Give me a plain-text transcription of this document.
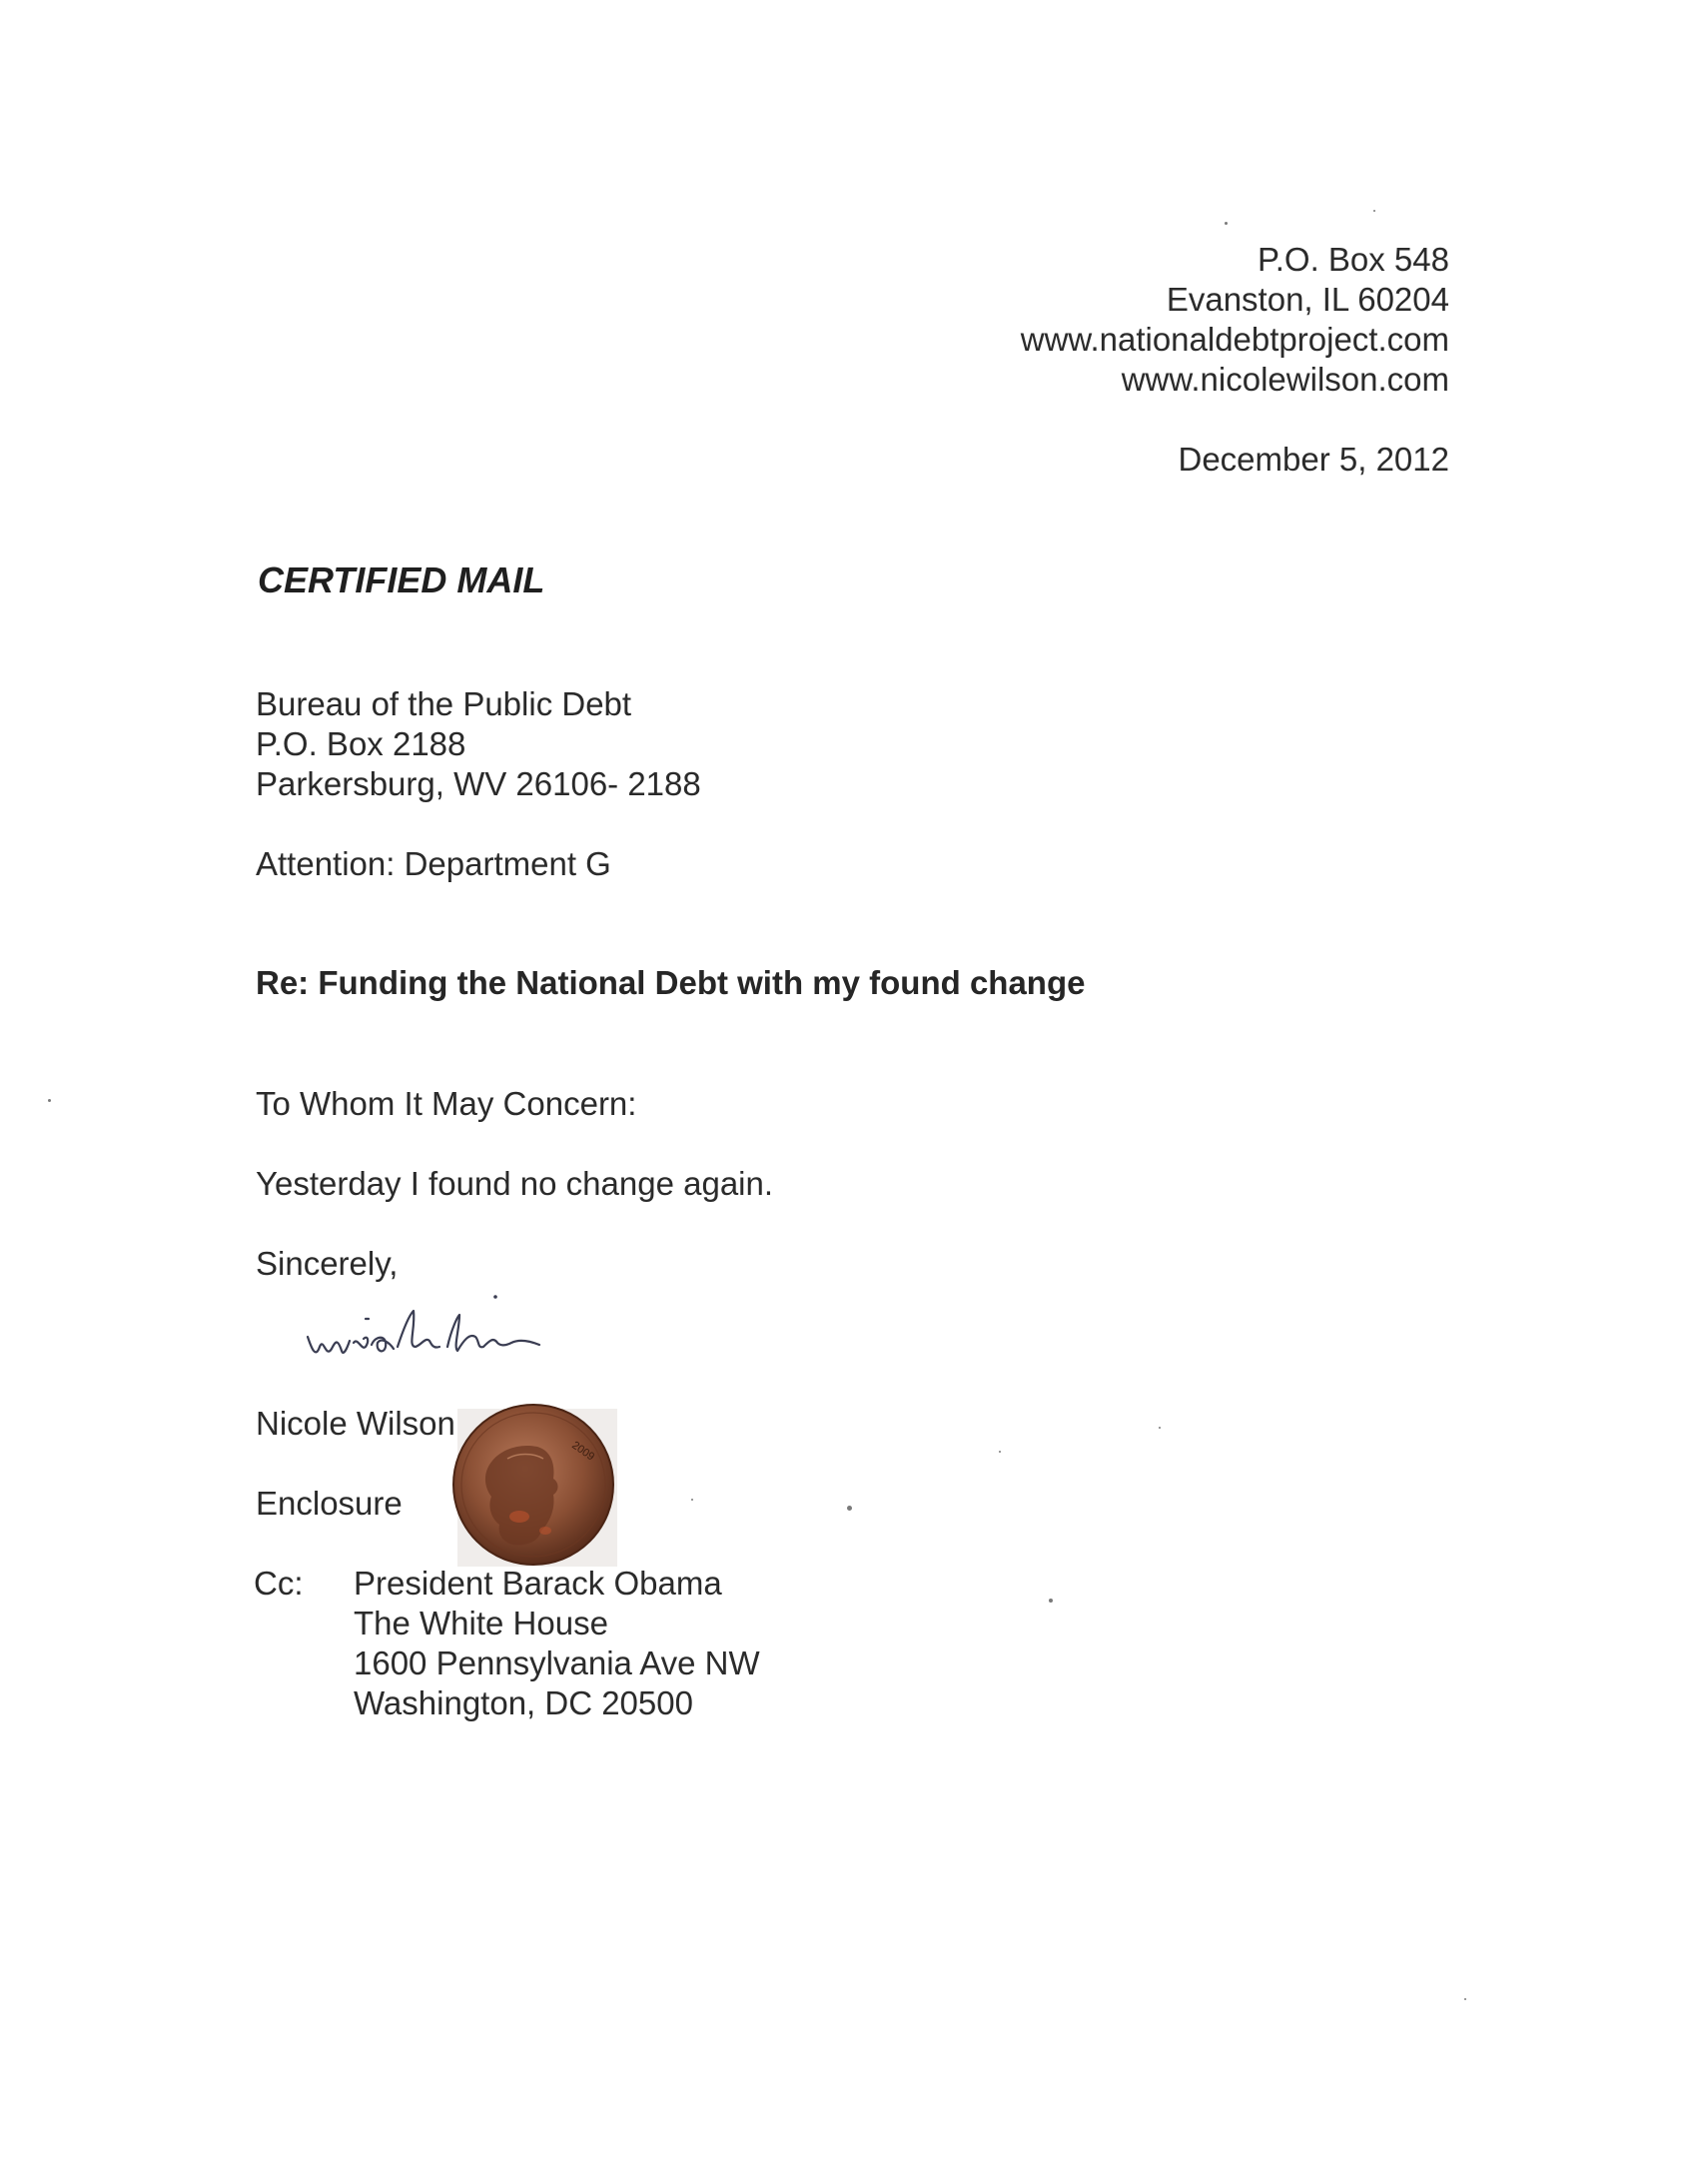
P.O. Box 548
Evanston, IL 60204
www.nationaldebtproject.com
www.nicolewilson.com
December 5, 2012
CERTIFIED MAIL
Bureau of the Public Debt
P.O. Box 2188
Parkersburg, WV 26106- 2188
Attention: Department G
Re: Funding the National Debt with my found change
To Whom It May Concern:
Yesterday I found no change again.
Sincerely,
Nicole Wilson
Enclosure
2009
Cc: President Barack Obama
The White House
1600 Pennsylvania Ave NW
Washington, DC 20500
